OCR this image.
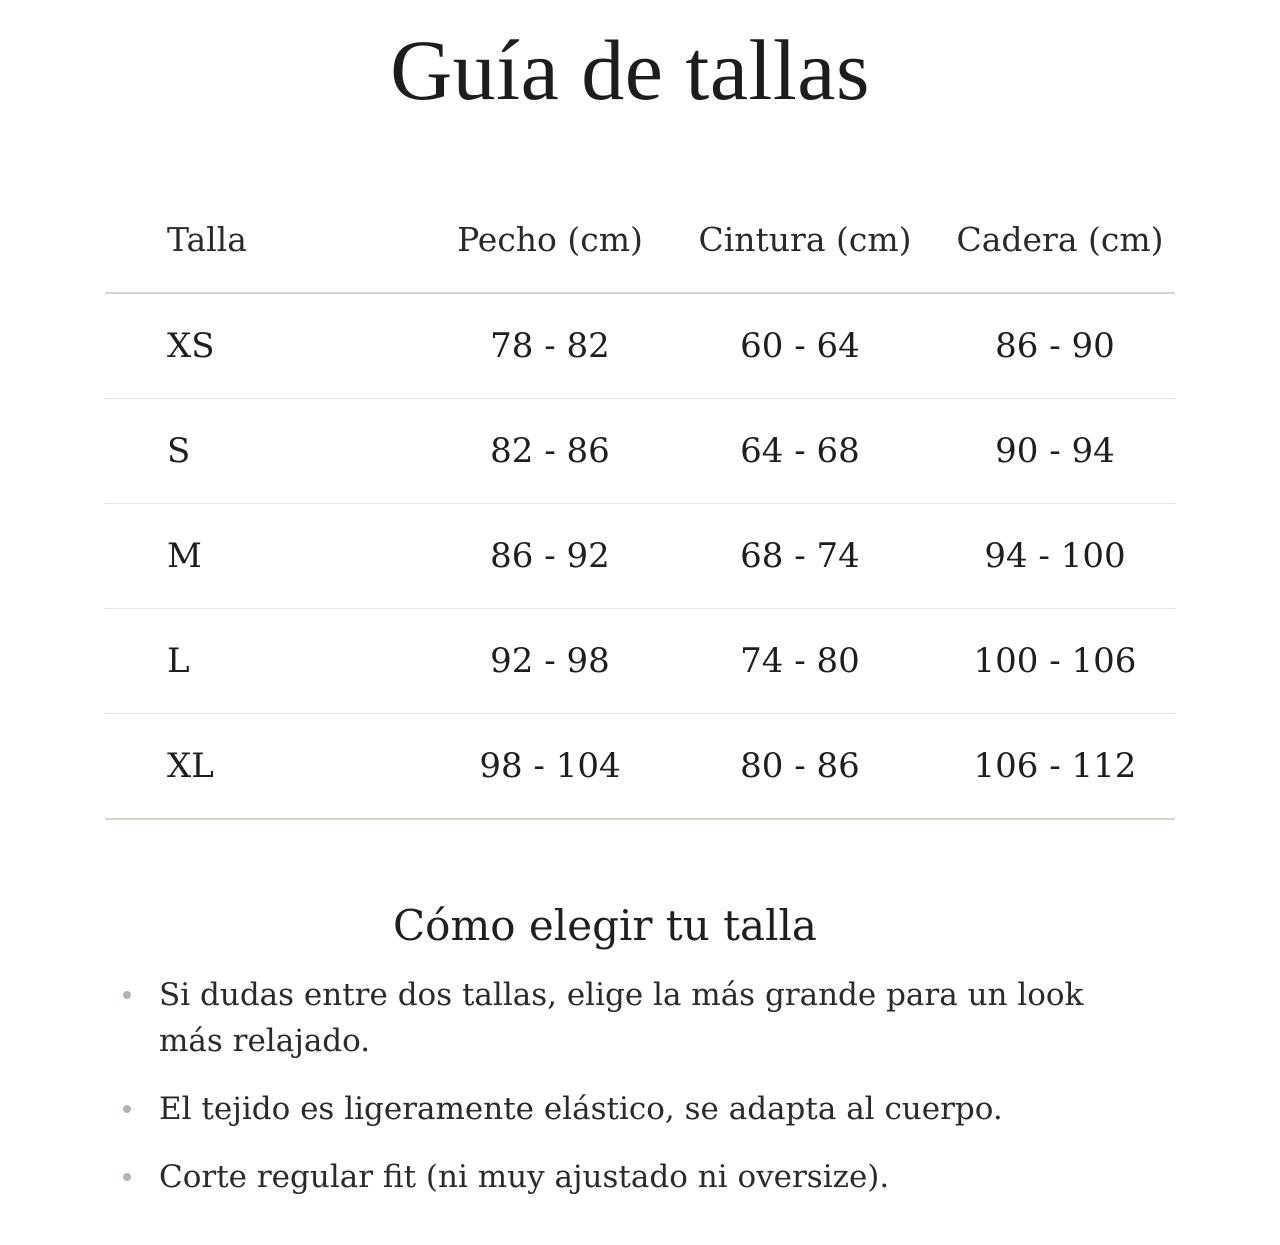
Guía de tallas
Talla	Pecho (cm)	Cintura (cm) Cadera (cm)
XS	78 - 82	60 - 64	86 - 90
S	82 - 86	64 - 68	90 - 94
M	86 - 92	68 - 74	94 - 100
L	92 - 98	74 - 80	100 - 106
XL	98 - 104	80 - 86	106 - 112
Cómo elegir tu talla
Si dudas entre dos tallas, elige la más grande para un look más relajado.
El tejido es ligeramente elástico, se adapta al cuerpo.
Corte regular fit (ni muy ajustado ni oversize).
